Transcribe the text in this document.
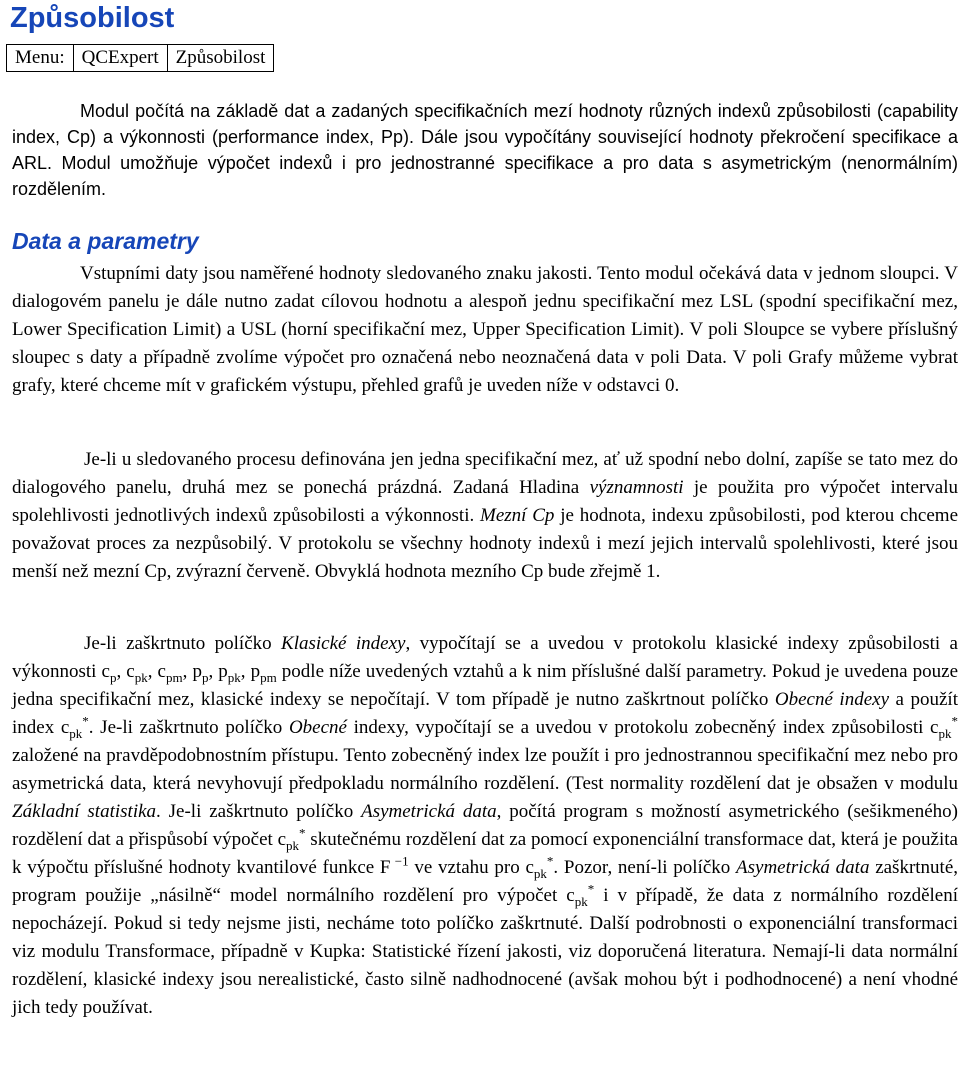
Způsobilost
Menu:	QCExpert	Způsobilost

Modul počítá na základě dat a zadaných specifikačních mezí hodnoty různých indexů způsobilosti (capability index, Cp) a výkonnosti (performance index, Pp). Dále jsou vypočítány související hodnoty překročení specifikace a ARL. Modul umožňuje výpočet indexů i pro jednostranné specifikace a pro data s asymetrickým (nenormálním) rozdělením.

Data a parametry

Vstupními daty jsou naměřené hodnoty sledovaného znaku jakosti. Tento modul očekává data v jednom sloupci. V dialogovém panelu je dále nutno zadat cílovou hodnotu a alespoň jednu specifikační mez LSL (spodní specifikační mez, Lower Specification Limit) a USL (horní specifikační mez, Upper Specification Limit). V poli Sloupce se vybere příslušný sloupec s daty a případně zvolíme výpočet pro označená nebo neoznačená data v poli Data. V poli Grafy můžeme vybrat grafy, které chceme mít v grafickém výstupu, přehled grafů je uveden níže v odstavci 0.

Je-li u sledovaného procesu definována jen jedna specifikační mez, ať už spodní nebo dolní, zapíše se tato mez do dialogového panelu, druhá mez se ponechá prázdná. Zadaná Hladina významnosti je použita pro výpočet intervalu spolehlivosti jednotlivých indexů způsobilosti a výkonnosti. Mezní Cp je hodnota, indexu způsobilosti, pod kterou chceme považovat proces za nezpůsobilý. V protokolu se všechny hodnoty indexů i mezí jejich intervalů spolehlivosti, které jsou menší než mezní Cp, zvýrazní červeně. Obvyklá hodnota mezního Cp bude zřejmě 1.

Je-li zaškrtnuto políčko Klasické indexy, vypočítají se a uvedou v protokolu klasické indexy způsobilosti a výkonnosti $c_p$, $c_{pk}$, $c_{pm}$, $p_p$, $p_{pk}$, $p_{pm}$ podle níže uvedených vztahů a k nim příslušné další parametry. Pokud je uvedena pouze jedna specifikační mez, klasické indexy se nepočítají. V tom případě je nutno zaškrtnout políčko Obecné indexy a použít index $c_{pk}^*$. Je-li zaškrtnuto políčko Obecné indexy, vypočítají se a uvedou v protokolu zobecněný index způsobilosti $c_{pk}^*$ založené na pravděpodobnostním přístupu. Tento zobecněný index lze použít i pro jednostrannou specifikační mez nebo pro asymetrická data, která nevyhovují předpokladu normálního rozdělení. (Test normality rozdělení dat je obsažen v modulu Základní statistika. Je-li zaškrtnuto políčko Asymetrická data, počítá program s možností asymetrického (sešikmeného) rozdělení dat a přispůsobí výpočet $c_{pk}^*$ skutečnému rozdělení dat za pomocí exponenciální transformace dat, která je použita k výpočtu příslušné hodnoty kvantilové funkce F $^{-1}$ ve vztahu pro $c_{pk}^*$. Pozor, není-li políčko Asymetrická data zaškrtnuté, program použije „násilně“ model normálního rozdělení pro výpočet $c_{pk}^*$ i v případě, že data z normálního rozdělení nepocházejí. Pokud si tedy nejsme jisti, necháme toto políčko zaškrtnuté. Další podrobnosti o exponenciální transformaci viz modulu Transformace, případně v Kupka: Statistické řízení jakosti, viz doporučená literatura. Nemají-li data normální rozdělení, klasické indexy jsou nerealistické, často silně nadhodnocené (avšak mohou být i podhodnocené) a není vhodné jich tedy používat.
